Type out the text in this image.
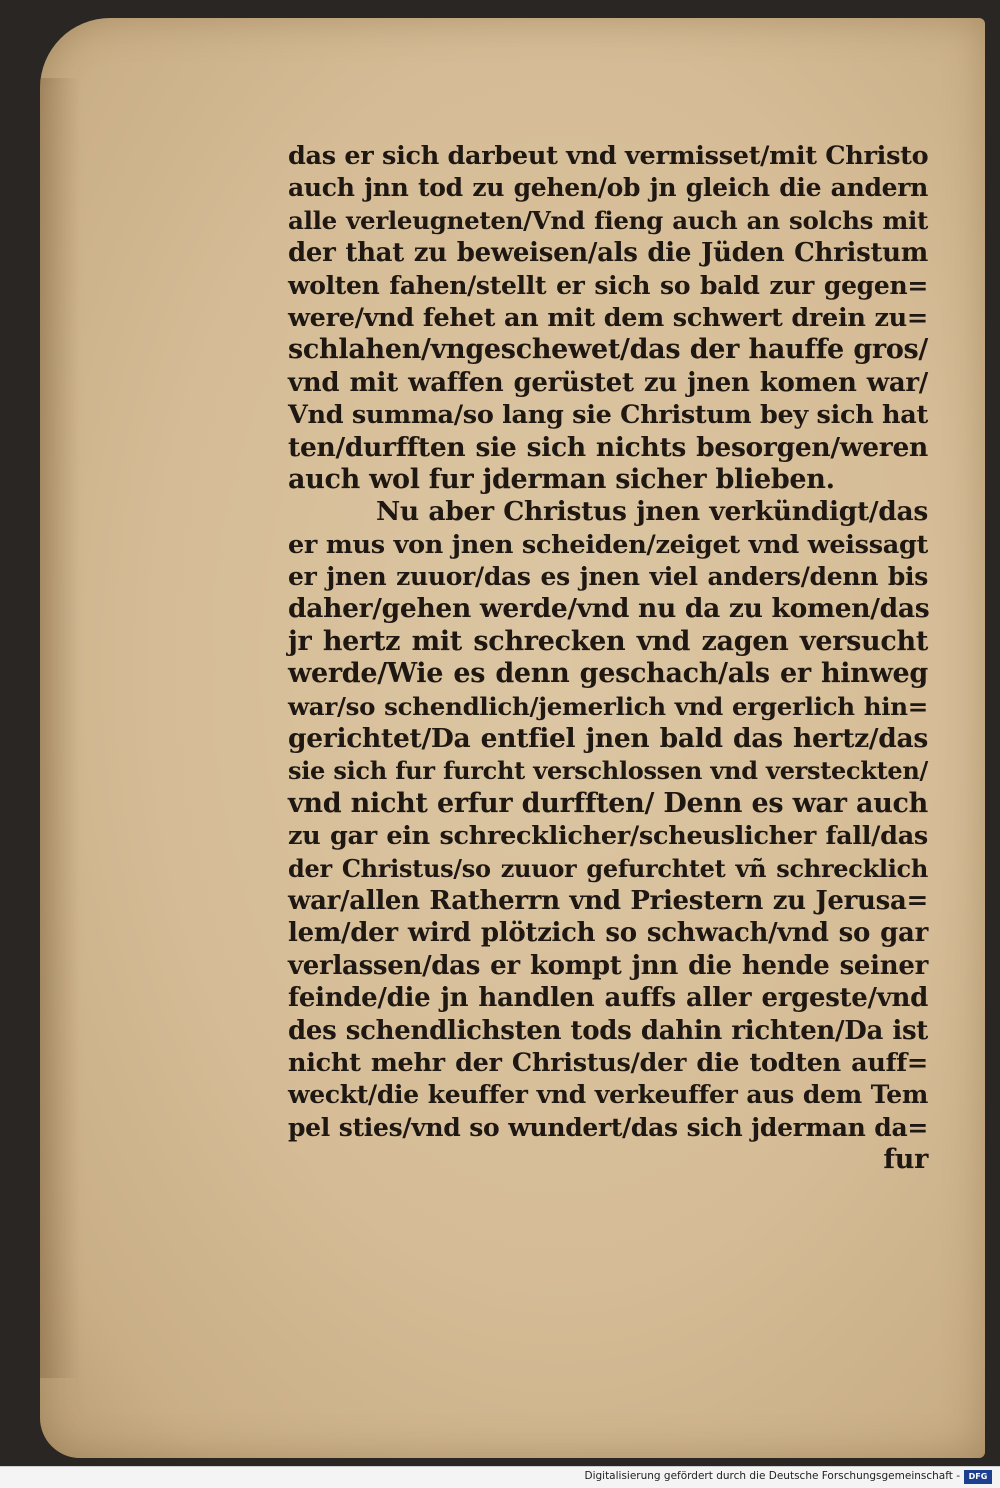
das er sich darbeut vnd vermisset/mit Christo
auch jnn tod zu gehen/ob jn gleich die andern
alle verleugneten/Vnd fieng auch an solchs mit
der that zu beweisen/als die Jüden Christum
wolten fahen/stellt er sich so bald zur gegen=
were/vnd fehet an mit dem schwert drein zu=
schlahen/vngeschewet/das der hauffe gros/
vnd mit waffen gerüstet zu jnen komen war/
Vnd summa/so lang sie Christum bey sich hat
ten/durfften sie sich nichts besorgen/weren
auch wol fur jderman sicher blieben.
Nu aber Christus jnen verkündigt/das
er mus von jnen scheiden/zeiget vnd weissagt
er jnen zuuor/das es jnen viel anders/denn bis
daher/gehen werde/vnd nu da zu komen/das
jr hertz mit schrecken vnd zagen versucht
werde/Wie es denn geschach/als er hinweg
war/so schendlich/jemerlich vnd ergerlich hin=
gerichtet/Da entfiel jnen bald das hertz/das
sie sich fur furcht verschlossen vnd versteckten/
vnd nicht erfur durfften/ Denn es war auch
zu gar ein schrecklicher/scheuslicher fall/das
der Christus/so zuuor gefurchtet vñ schrecklich
war/allen Ratherrn vnd Priestern zu Jerusa=
lem/der wird plötzich so schwach/vnd so gar
verlassen/das er kompt jnn die hende seiner
feinde/die jn handlen auffs aller ergeste/vnd
des schendlichsten tods dahin richten/Da ist
nicht mehr der Christus/der die todten auff=
weckt/die keuffer vnd verkeuffer aus dem Tem
pel sties/vnd so wundert/das sich jderman da=
fur
Digitalisierung gefördert durch die Deutsche Forschungsgemeinschaft -	DFG
